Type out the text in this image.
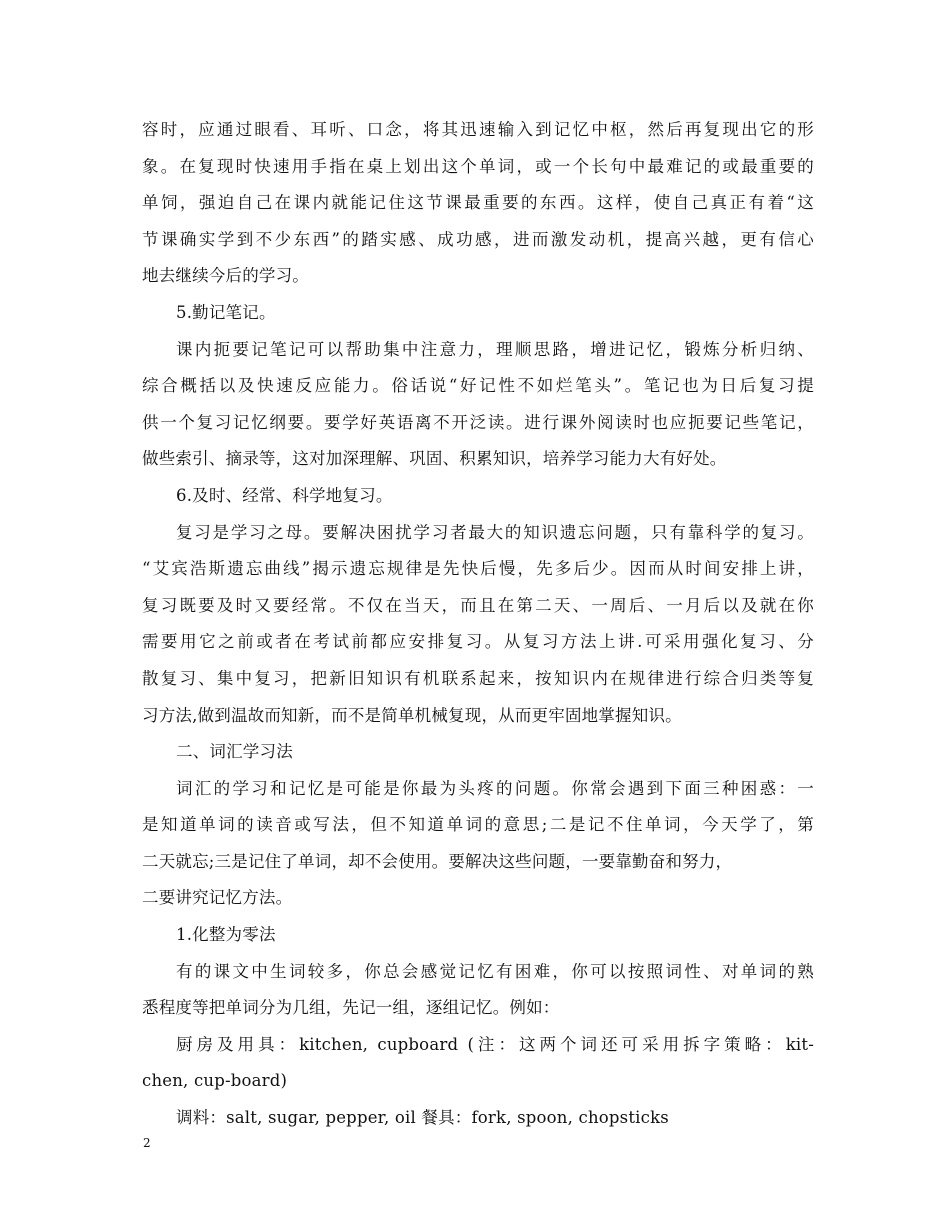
容时，应通过眼看、耳听、口念，将其迅速输入到记忆中枢，然后再复现出它的形
象。在复现时快速用手指在桌上划出这个单词，或一个长句中最难记的或最重要的
单饲，强迫自己在课内就能记住这节课最重要的东西。这样，使自己真正有着“这
节课确实学到不少东西”的踏实感、成功感，进而激发动机，提高兴越，更有信心
地去继续今后的学习。
5.勤记笔记。
课内扼要记笔记可以帮助集中注意力，理顺思路，增进记忆，锻炼分析归纳、
综合概括以及快速反应能力。俗话说“好记性不如烂笔头”。笔记也为日后复习提
供一个复习记忆纲要。要学好英语离不开泛读。进行课外阅读时也应扼要记些笔记，
做些索引、摘录等，这对加深理解、巩固、积累知识，培养学习能力大有好处。
6.及时、经常、科学地复习。
复习是学习之母。要解决困扰学习者最大的知识遗忘问题，只有靠科学的复习。
“艾宾浩斯遗忘曲线”揭示遗忘规律是先快后慢，先多后少。因而从时间安排上讲，
复习既要及时又要经常。不仅在当天，而且在第二天、一周后、一月后以及就在你
需要用它之前或者在考试前都应安排复习。从复习方法上讲.可采用强化复习、分
散复习、集中复习，把新旧知识有机联系起来，按知识内在规律进行综合归类等复
习方法,做到温故而知新，而不是简单机械复现，从而更牢固地掌握知识。
二、词汇学习法
词汇的学习和记忆是可能是你最为头疼的问题。你常会遇到下面三种困惑：一
是知道单词的读音或写法，但不知道单词的意思;二是记不住单词，今天学了，第
二天就忘;三是记住了单词，却不会使用。要解决这些问题，一要靠勤奋和努力，
二要讲究记忆方法。
1.化整为零法
有的课文中生词较多，你总会感觉记忆有困难，你可以按照词性、对单词的熟
悉程度等把单词分为几组，先记一组，逐组记忆。例如：
厨房及用具：kitchen, cupboard (注：这两个词还可采用拆字策略：kit-
chen, cup-board)
调料：salt, sugar, pepper, oil 餐具：fork, spoon, chopsticks
2
